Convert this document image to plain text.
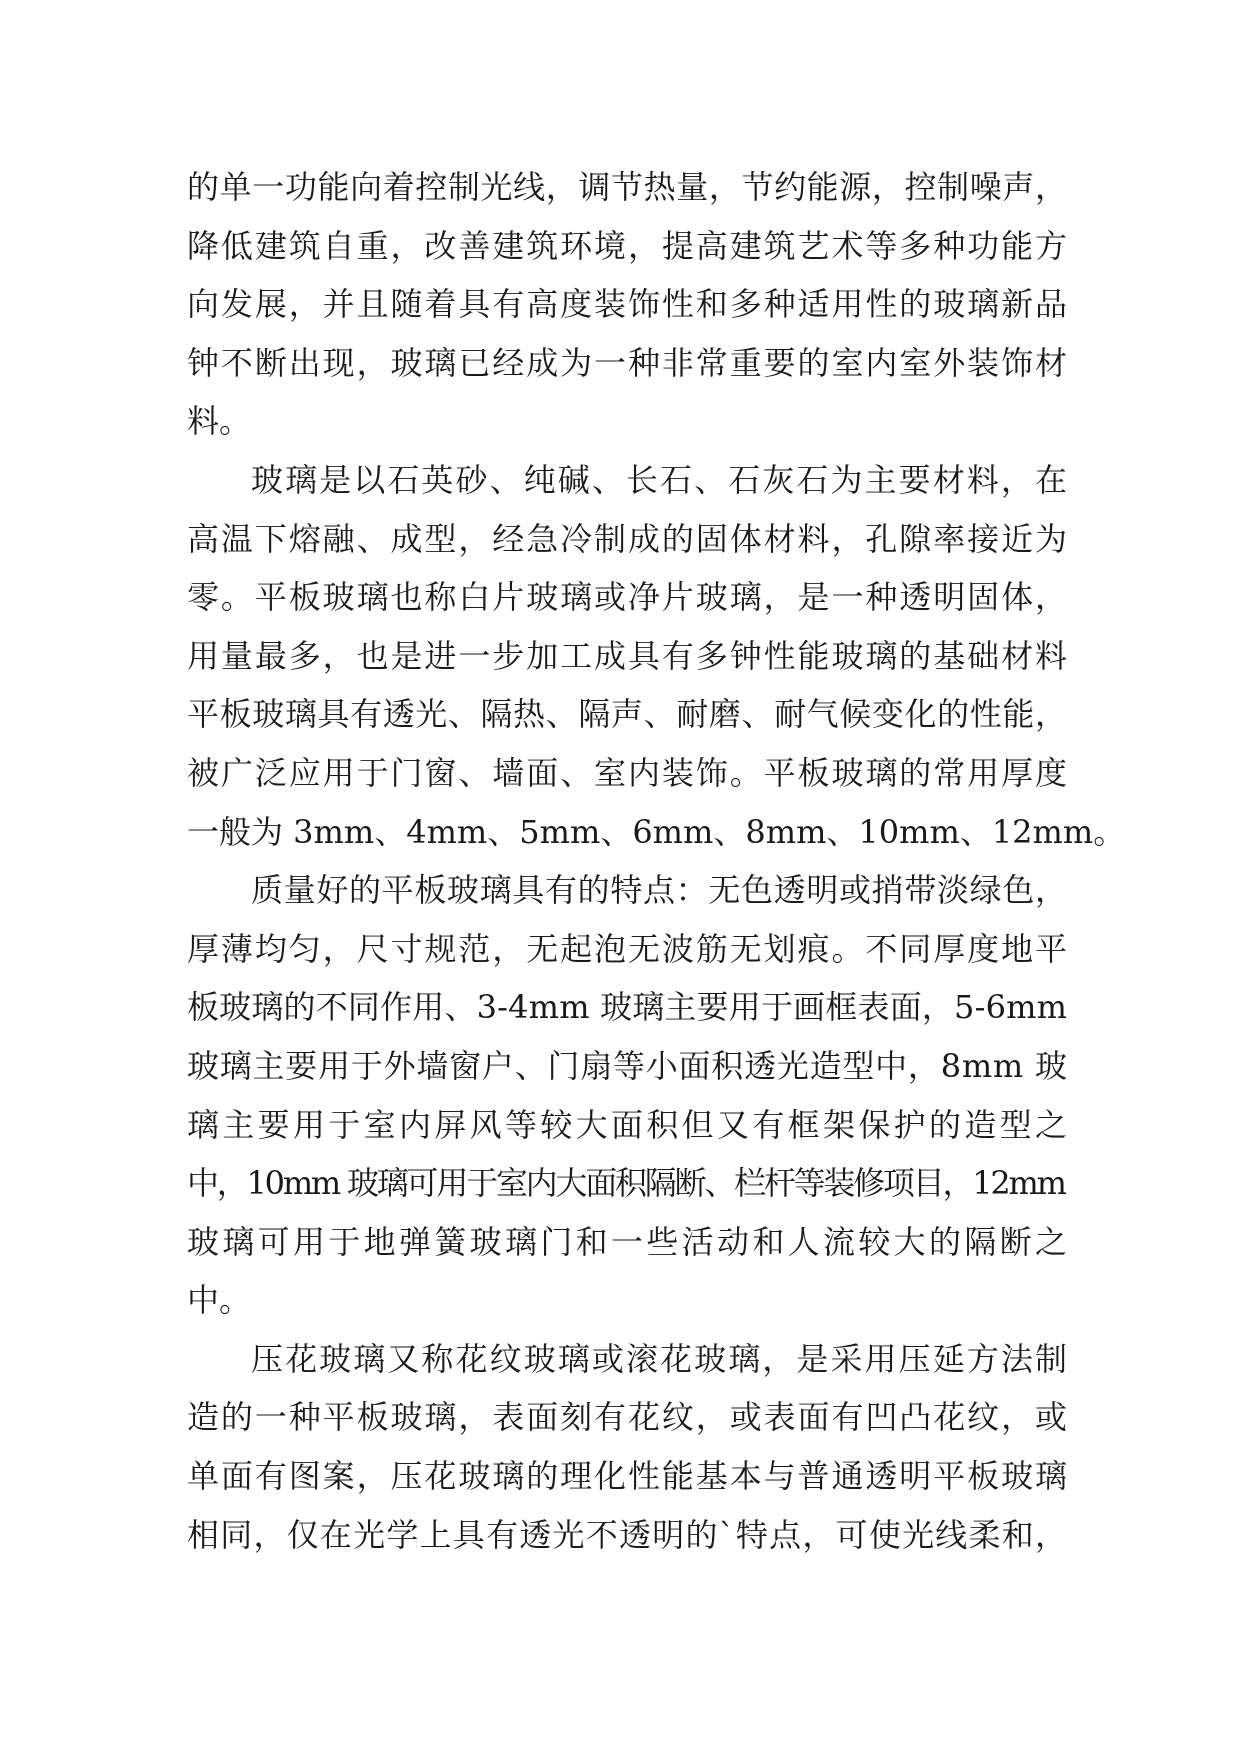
的单一功能向着控制光线，调节热量，节约能源，控制噪声，
降低建筑自重，改善建筑环境，提高建筑艺术等多种功能方
向发展，并且随着具有高度装饰性和多种适用性的玻璃新品
钟不断出现，玻璃已经成为一种非常重要的室内室外装饰材
料。
玻璃是以石英砂、纯碱、长石、石灰石为主要材料，在
高温下熔融、成型，经急冷制成的固体材料，孔隙率接近为
零。平板玻璃也称白片玻璃或净片玻璃，是一种透明固体，
用量最多，也是进一步加工成具有多钟性能玻璃的基础材料
平板玻璃具有透光、隔热、隔声、耐磨、耐气候变化的性能，
被广泛应用于门窗、墙面、室内装饰。平板玻璃的常用厚度
一般为 3mm、4mm、5mm、6mm、8mm、10mm、12mm。
质量好的平板玻璃具有的特点：无色透明或捎带淡绿色，
厚薄均匀，尺寸规范，无起泡无波筋无划痕。不同厚度地平
板玻璃的不同作用、3-4mm 玻璃主要用于画框表面，5-6mm
玻璃主要用于外墙窗户、门扇等小面积透光造型中，8mm 玻
璃主要用于室内屏风等较大面积但又有框架保护的造型之
中，10mm 玻璃可用于室内大面积隔断、栏杆等装修项目，12mm
玻璃可用于地弹簧玻璃门和一些活动和人流较大的隔断之
中。
压花玻璃又称花纹玻璃或滚花玻璃，是采用压延方法制
造的一种平板玻璃，表面刻有花纹，或表面有凹凸花纹，或
单面有图案，压花玻璃的理化性能基本与普通透明平板玻璃
相同，仅在光学上具有透光不透明的`特点，可使光线柔和，
